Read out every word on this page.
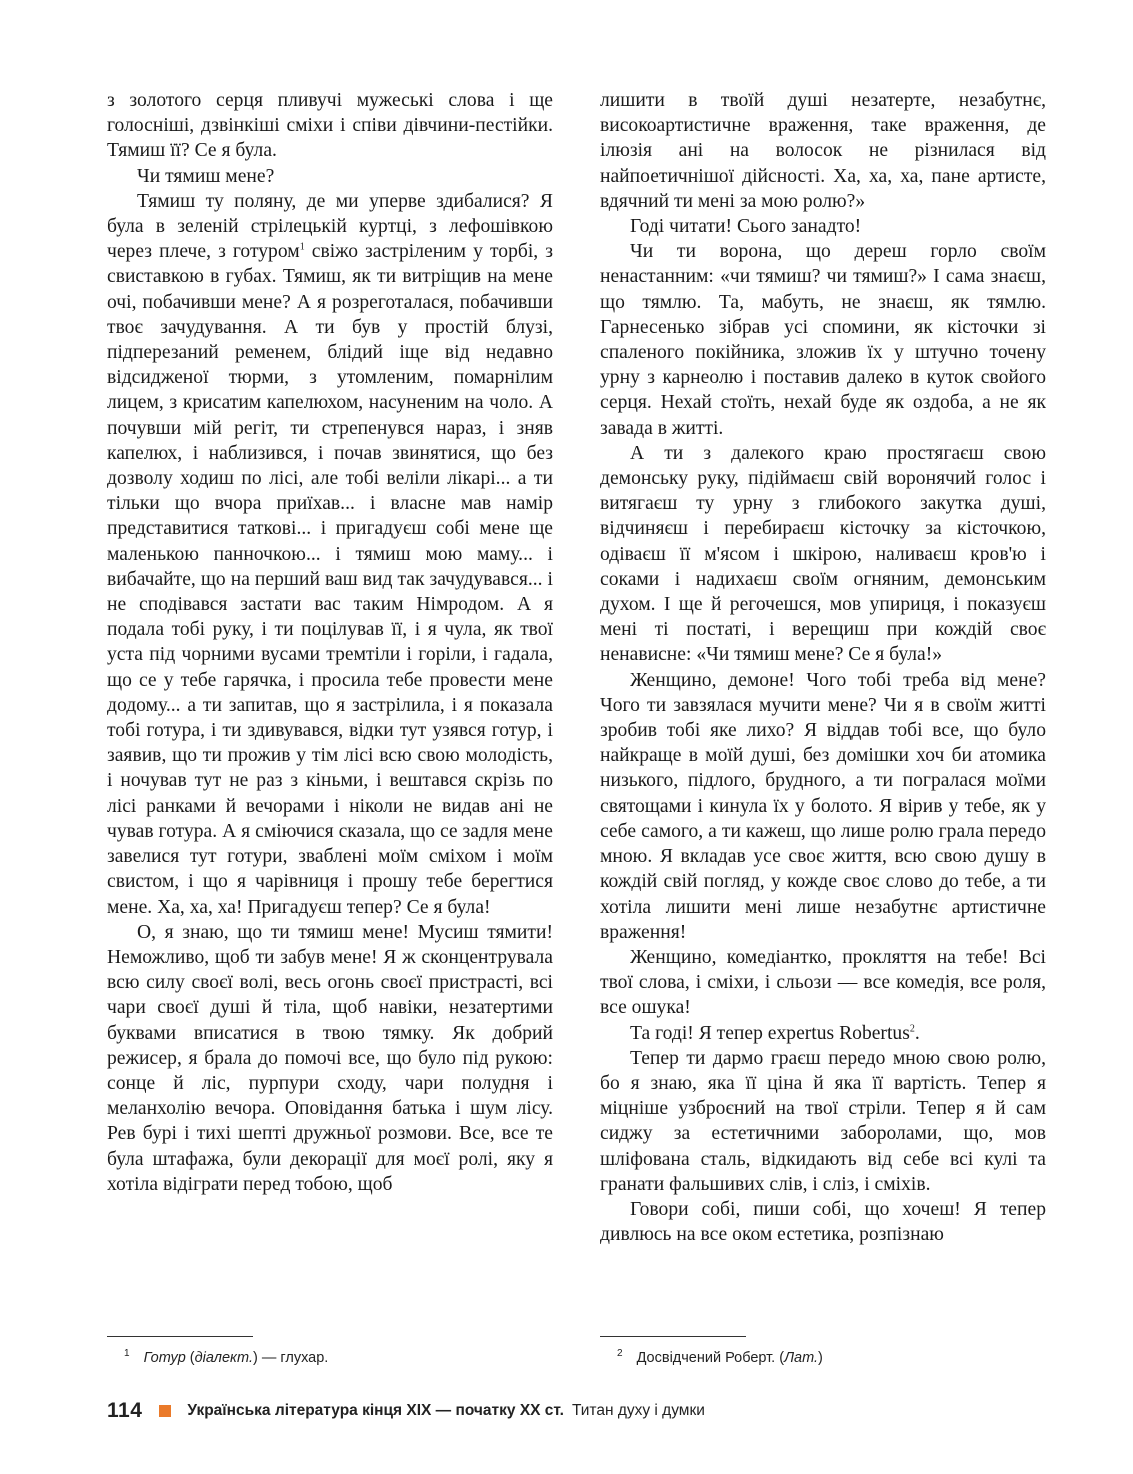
з золотого серця пливучі мужеські слова і ще голосніші, дзвінкіші сміхи і співи дівчини-пестійки. Тямиш її? Се я була.

Чи тямиш мене?

Тямиш ту поляну, де ми уперве здибалися? Я була в зеленій стрілецькій куртці, з лефошівкою через плече, з готуром$^1$ свіжо застріленим у торбі, з свиставкою в губах. Тямиш, як ти витріщив на мене очі, побачивши мене? А я розреготалася, побачивши твоє зачудування. А ти був у простій блузі, підперезаний ременем, блідий іще від недавно відсидженої тюрми, з утомленим, помарнілим лицем, з крисатим капелюхом, насуненим на чоло. А почувши мій регіт, ти стрепенувся нараз, і зняв капелюх, і наблизився, і почав звинятися, що без дозволу ходиш по лісі, але тобі веліли лікарі... а ти тільки що вчора приїхав... і власне мав намір представитися таткові... і пригадуєш собі мене ще маленькою панночкою... і тямиш мою маму... і вибачайте, що на перший ваш вид так зачудувався... і не сподівався застати вас таким Німродом. А я подала тобі руку, і ти поцілував її, і я чула, як твої уста під чорними вусами тремтіли і горіли, і гадала, що се у тебе гарячка, і просила тебе провести мене додому... а ти запитав, що я застрілила, і я показала тобі готура, і ти здивувався, відки тут узявся готур, і заявив, що ти прожив у тім лісі всю свою молодість, і ночував тут не раз з кіньми, і вештався скрізь по лісі ранками й вечорами і ніколи не видав ані не чував готура. А я сміючися сказала, що се задля мене завелися тут готури, зваблені моїм сміхом і моїм свистом, і що я чарівниця і прошу тебе берегтися мене. Ха, ха, ха! Пригадуєш тепер? Се я була!

О, я знаю, що ти тямиш мене! Мусиш тямити! Неможливо, щоб ти забув мене! Я ж сконцентрувала всю силу своєї волі, весь огонь своєї пристрасті, всі чари своєї душі й тіла, щоб навіки, незатертими буквами вписатися в твою тямку. Як добрий режисер, я брала до помочі все, що було під рукою: сонце й ліс, пурпури сходу, чари полудня і меланхолію вечора. Оповідання батька і шум лісу. Рев бурі і тихі шепті дружньої розмови. Все, все те була штафажа, були декорації для моєї ролі, яку я хотіла відіграти перед тобою, щоб

лишити в твоїй душі незатерте, незабутнє, високоартистичне враження, таке враження, де ілюзія ані на волосок не різнилася від найпоетичнішої дійсності. Ха, ха, ха, пане артисте, вдячний ти мені за мою ролю?»

Годі читати! Сього занадто!

Чи ти ворона, що дереш горло своїм ненастанним: «чи тямиш? чи тямиш?» І сама знаєш, що тямлю. Та, мабуть, не знаєш, як тямлю. Гарнесенько зібрав усі спомини, як кісточки зі спаленого покійника, зложив їх у штучно точену урну з карнеолю і поставив далеко в куток свойого серця. Нехай стоїть, нехай буде як оздоба, а не як завада в житті.

А ти з далекого краю простягаєш свою демонську руку, підіймаєш свій воронячий голос і витягаєш ту урну з глибокого закутка душі, відчиняєш і перебираєш кісточку за кісточкою, одіваєш її м'ясом і шкірою, наливаєш кров'ю і соками і надихаєш своїм огняним, демонським духом. І ще й регочешся, мов упириця, і показуєш мені ті постаті, і верещиш при кождій своє ненависне: «Чи тямиш мене? Се я була!»

Женщино, демоне! Чого тобі треба від мене? Чого ти завзялася мучити мене? Чи я в своїм житті зробив тобі яке лихо? Я віддав тобі все, що було найкраще в моїй душі, без домішки хоч би атомика низького, підлого, брудного, а ти погралася моїми святощами і кинула їх у болото. Я вірив у тебе, як у себе самого, а ти кажеш, що лише ролю грала передо мною. Я вкладав усе своє життя, всю свою душу в кождій свій погляд, у кожде своє слово до тебе, а ти хотіла лишити мені лише незабутнє артистичне враження!

Женщино, комедіантко, прокляття на тебе! Всі твої слова, і сміхи, і сльози — все комедія, все роля, все ошука!

Та годі! Я тепер expertus Robertus$^2$.

Тепер ти дармо граєш передо мною свою ролю, бо я знаю, яка її ціна й яка її вартість. Тепер я міцніше узброєний на твої стріли. Тепер я й сам сиджу за естетичними заборолами, що, мов шліфована сталь, відкидають від себе всі кулі та гранати фальшивих слів, і сліз, і сміхів.

Говори собі, пиши собі, що хочеш! Я тепер дивлюсь на все оком естетика, розпізнаю

$^1$ Готур (діалект.) — глухар.	$^2$ Досвідчений Роберт. (Лат.)
114	Українська література кінця XIX — початку XX ст. Титан духу і думки
